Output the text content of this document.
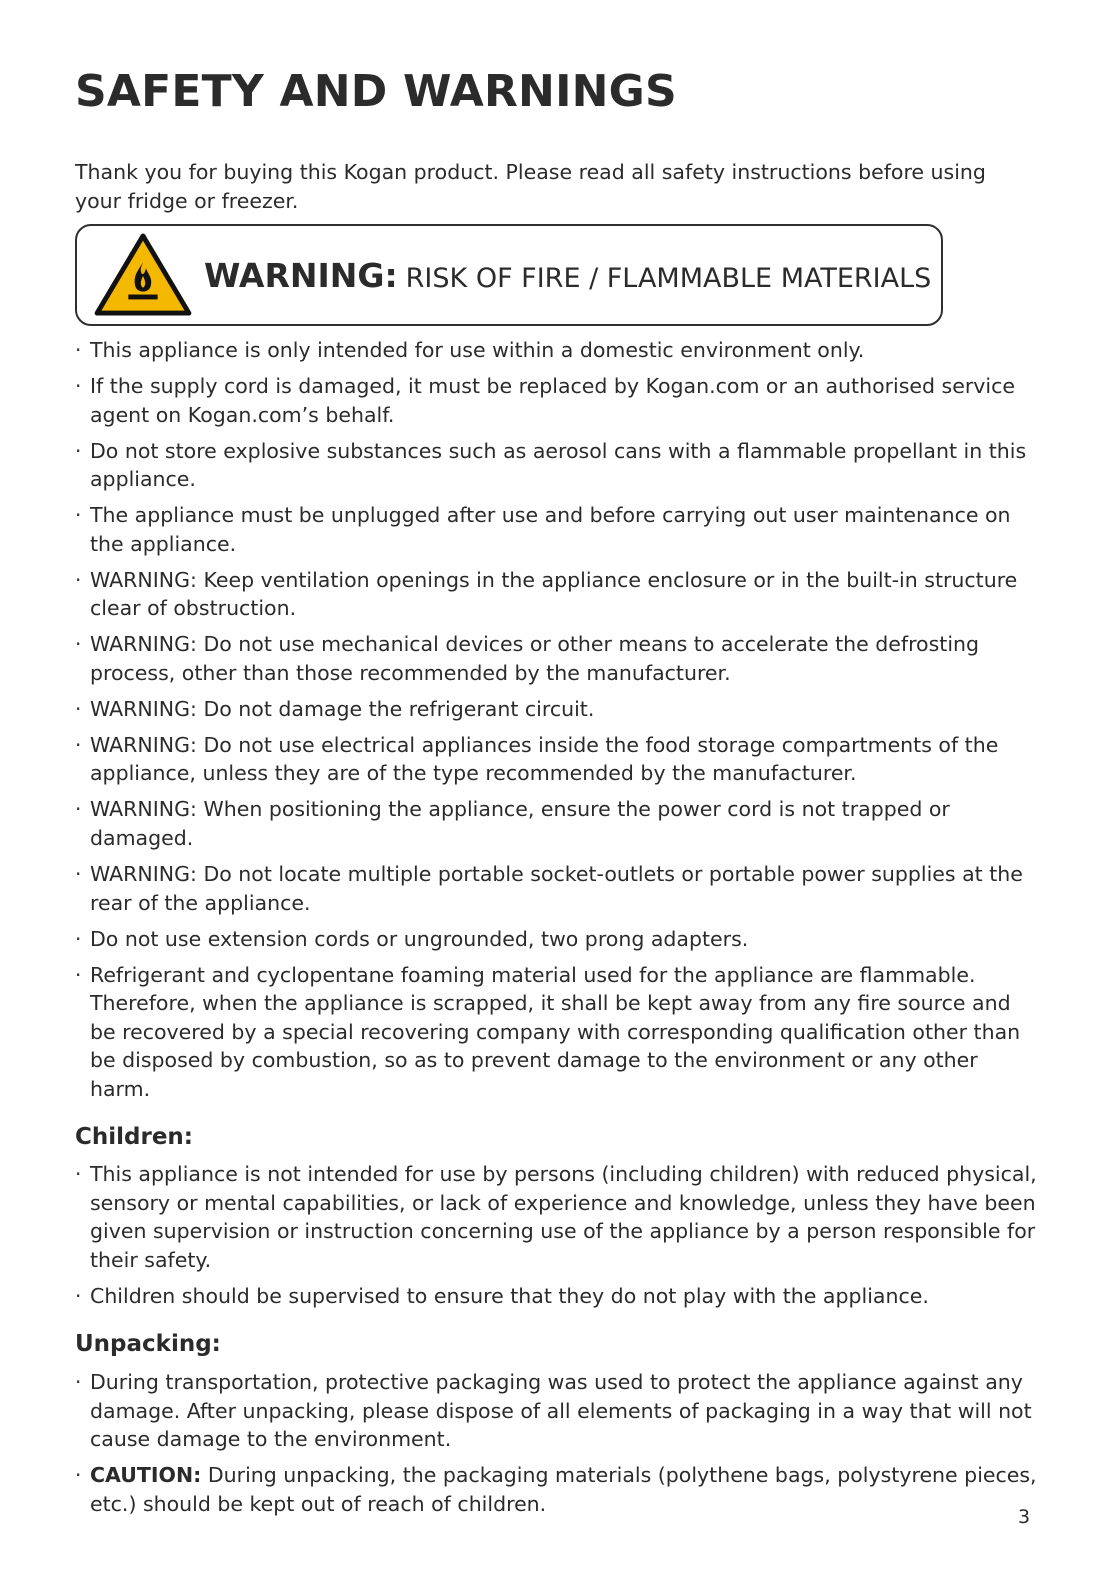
SAFETY AND WARNINGS

Thank you for buying this Kogan product. Please read all safety instructions before using your fridge or freezer.

WARNING: RISK OF FIRE / FLAMMABLE MATERIALS
· This appliance is only intended for use within a domestic environment only.
· If the supply cord is damaged, it must be replaced by Kogan.com or an authorised service agent on Kogan.com’s behalf.
· Do not store explosive substances such as aerosol cans with a flammable propellant in this appliance.
· The appliance must be unplugged after use and before carrying out user maintenance on the appliance.
· WARNING: Keep ventilation openings in the appliance enclosure or in the built-in structure clear of obstruction.
· WARNING: Do not use mechanical devices or other means to accelerate the defrosting process, other than those recommended by the manufacturer.
· WARNING: Do not damage the refrigerant circuit.
· WARNING: Do not use electrical appliances inside the food storage compartments of the appliance, unless they are of the type recommended by the manufacturer.
· WARNING: When positioning the appliance, ensure the power cord is not trapped or damaged.
· WARNING: Do not locate multiple portable socket-outlets or portable power supplies at the rear of the appliance.
· Do not use extension cords or ungrounded, two prong adapters.
· Refrigerant and cyclopentane foaming material used for the appliance are flammable. Therefore, when the appliance is scrapped, it shall be kept away from any fire source and be recovered by a special recovering company with corresponding qualification other than be disposed by combustion, so as to prevent damage to the environment or any other harm.
Children:
· This appliance is not intended for use by persons (including children) with reduced physical, sensory or mental capabilities, or lack of experience and knowledge, unless they have been given supervision or instruction concerning use of the appliance by a person responsible for their safety.
· Children should be supervised to ensure that they do not play with the appliance.
Unpacking:
· During transportation, protective packaging was used to protect the appliance against any damage. After unpacking, please dispose of all elements of packaging in a way that will not cause damage to the environment.
· CAUTION: During unpacking, the packaging materials (polythene bags, polystyrene pieces, etc.) should be kept out of reach of children.
3
